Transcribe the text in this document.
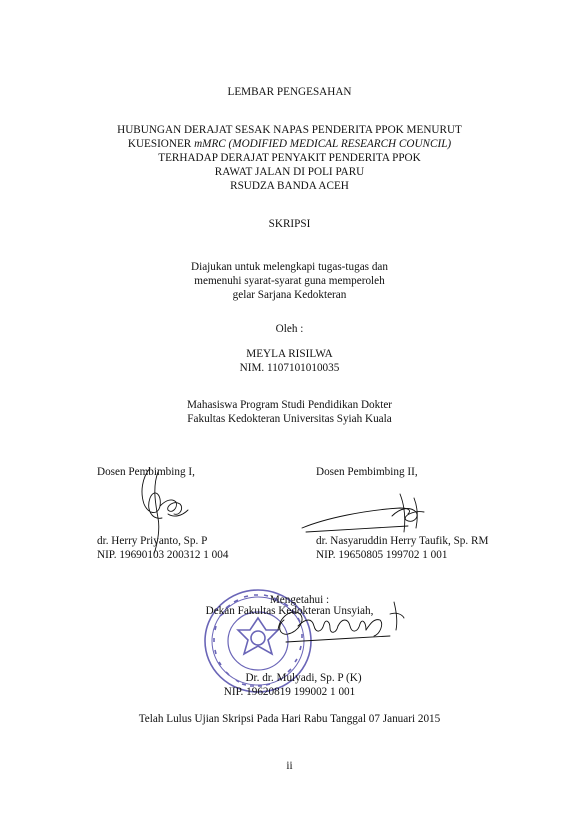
LEMBAR PENGESAHAN
HUBUNGAN DERAJAT SESAK NAPAS PENDERITA PPOK MENURUT
KUESIONER mMRC (MODIFIED MEDICAL RESEARCH COUNCIL)
TERHADAP DERAJAT PENYAKIT PENDERITA PPOK
RAWAT JALAN DI POLI PARU
RSUDZA BANDA ACEH
SKRIPSI
Diajukan untuk melengkapi tugas-tugas dan
memenuhi syarat-syarat guna memperoleh
gelar Sarjana Kedokteran
Oleh :
MEYLA RISILWA
NIM. 1107101010035
Mahasiswa Program Studi Pendidikan Dokter
Fakultas Kedokteran Universitas Syiah Kuala
Dosen Pembimbing I,
dr. Herry Priyanto, Sp. P
NIP. 19690103 200312 1 004
Dosen Pembimbing II,
dr. Nasyaruddin Herry Taufik, Sp. RM
NIP. 19650805 199702 1 001
Mengetahui :
Dekan Fakultas Kedokteran Unsyiah,
Dr. dr. Mulyadi, Sp. P (K)
NIP. 19620819 199002 1 001
Telah Lulus Ujian Skripsi Pada Hari Rabu Tanggal 07 Januari 2015
ii
